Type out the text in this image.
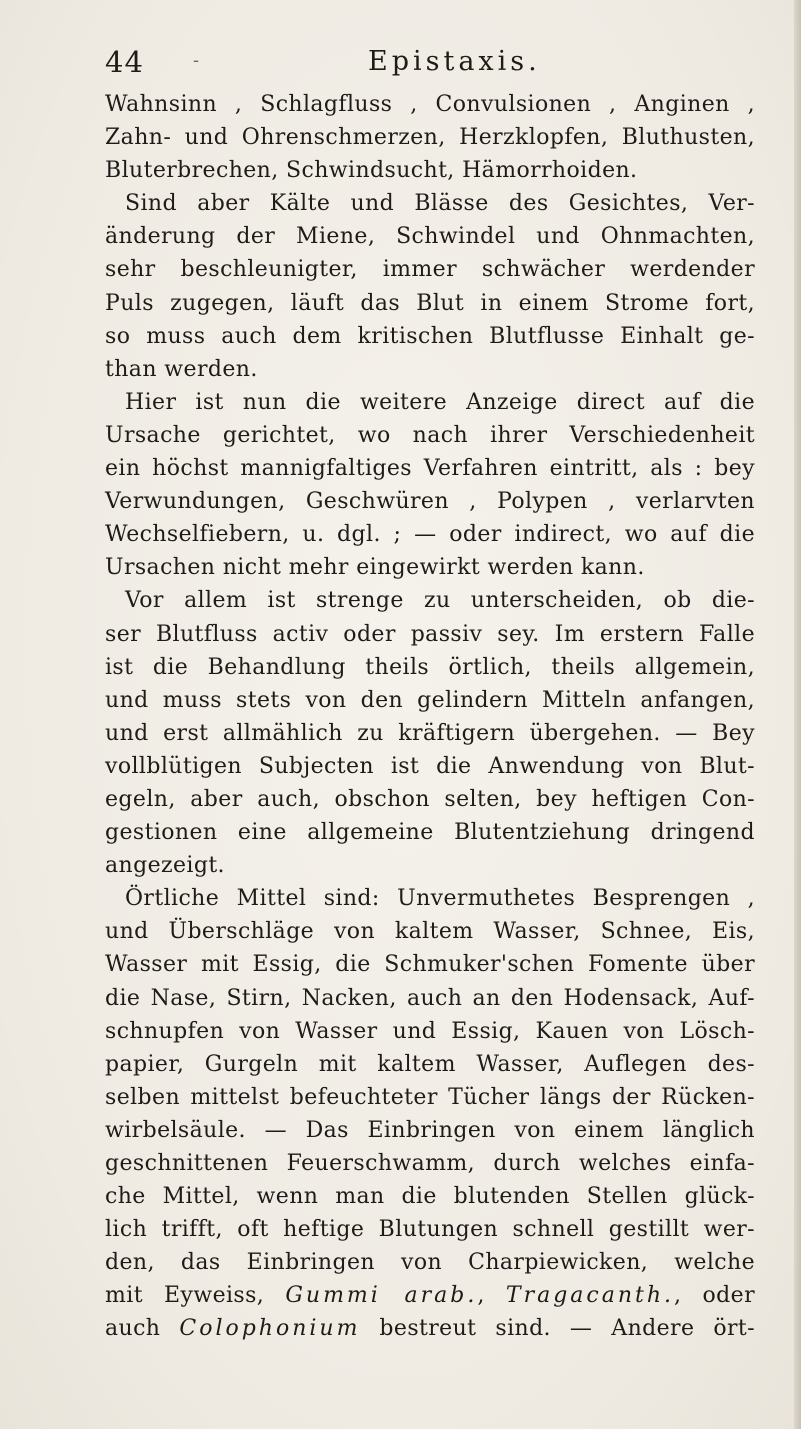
44	-	Epistaxis.
Wahnsinn , Schlagfluss , Convulsionen , Anginen ,
Zahn- und Ohrenschmerzen, Herzklopfen, Bluthusten,
Bluterbrechen, Schwindsucht, Hämorrhoiden.
Sind aber Kälte und Blässe des Gesichtes, Ver-
änderung der Miene, Schwindel und Ohnmachten,
sehr beschleunigter, immer schwächer werdender
Puls zugegen, läuft das Blut in einem Strome fort,
so muss auch dem kritischen Blutflusse Einhalt ge-
than werden.
Hier ist nun die weitere Anzeige direct auf die
Ursache gerichtet, wo nach ihrer Verschiedenheit
ein höchst mannigfaltiges Verfahren eintritt, als : bey
Verwundungen, Geschwüren , Polypen , verlarvten
Wechselfiebern, u. dgl. ; — oder indirect, wo auf die
Ursachen nicht mehr eingewirkt werden kann.
Vor allem ist strenge zu unterscheiden, ob die-
ser Blutfluss activ oder passiv sey. Im erstern Falle
ist die Behandlung theils örtlich, theils allgemein,
und muss stets von den gelindern Mitteln anfangen,
und erst allmählich zu kräftigern übergehen. — Bey
vollblütigen Subjecten ist die Anwendung von Blut-
egeln, aber auch, obschon selten, bey heftigen Con-
gestionen eine allgemeine Blutentziehung dringend
angezeigt.
Örtliche Mittel sind: Unvermuthetes Besprengen ,
und Überschläge von kaltem Wasser, Schnee, Eis,
Wasser mit Essig, die Schmuker'schen Fomente über
die Nase, Stirn, Nacken, auch an den Hodensack, Auf-
schnupfen von Wasser und Essig, Kauen von Lösch-
papier, Gurgeln mit kaltem Wasser, Auflegen des-
selben mittelst befeuchteter Tücher längs der Rücken-
wirbelsäule. — Das Einbringen von einem länglich
geschnittenen Feuerschwamm, durch welches einfa-
che Mittel, wenn man die blutenden Stellen glück-
lich trifft, oft heftige Blutungen schnell gestillt wer-
den, das Einbringen von Charpiewicken, welche
mit Eyweiss, Gummi arab., Tragacanth., oder
auch Colophonium bestreut sind. — Andere ört-
